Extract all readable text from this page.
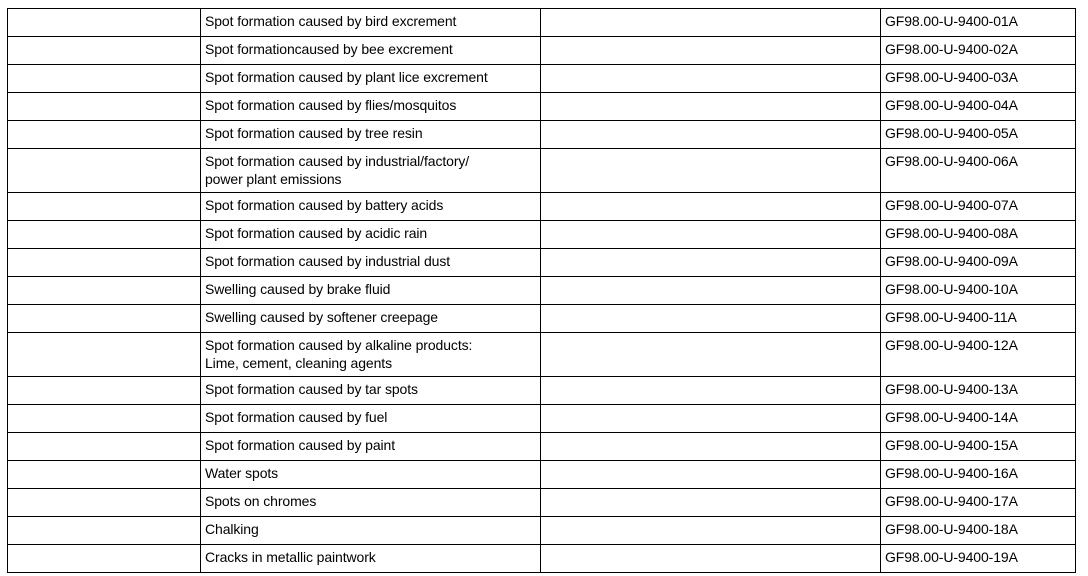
	Spot formation caused by bird excrement		GF98.00-U-9400-01A

	Spot formationcaused by bee excrement		GF98.00-U-9400-02A

	Spot formation caused by plant lice excrement		GF98.00-U-9400-03A

	Spot formation caused by flies/mosquitos		GF98.00-U-9400-04A

	Spot formation caused by tree resin		GF98.00-U-9400-05A

	Spot formation caused by industrial/factory/
power plant emissions		GF98.00-U-9400-06A

	Spot formation caused by battery acids		GF98.00-U-9400-07A

	Spot formation caused by acidic rain		GF98.00-U-9400-08A

	Spot formation caused by industrial dust		GF98.00-U-9400-09A

	Swelling caused by brake fluid		GF98.00-U-9400-10A

	Swelling caused by softener creepage		GF98.00-U-9400-11A

	Spot formation caused by alkaline products:
Lime, cement, cleaning agents		GF98.00-U-9400-12A

	Spot formation caused by tar spots		GF98.00-U-9400-13A

	Spot formation caused by fuel		GF98.00-U-9400-14A

	Spot formation caused by paint		GF98.00-U-9400-15A

	Water spots		GF98.00-U-9400-16A

	Spots on chromes		GF98.00-U-9400-17A

	Chalking		GF98.00-U-9400-18A

	Cracks in metallic paintwork		GF98.00-U-9400-19A
